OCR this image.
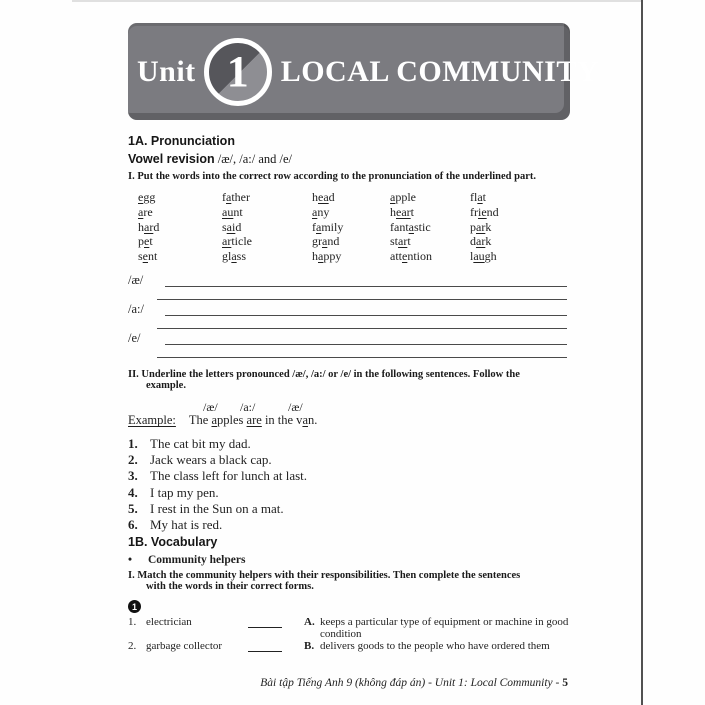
Unit 1 LOCAL COMMUNITY
1A. Pronunciation
Vowel revision /æ/, /a:/ and /e/
I. Put the words into the correct row according to the pronunciation of the underlined part.
egg	father	head	apple	flat
are	aunt	any	heart	friend
hard	said	family	fantastic	park
pet	article	grand	start	dark
sent	glass	happy	attention	laugh
/æ/
/a:/
/e/
II. Underline the letters pronounced /æ/, /a:/ or /e/ in the following sentences. Follow the
example.
/æ/ /a:/	/æ/
Example: The apples are in the van.
1. The cat bit my dad.
2. Jack wears a black cap.
3. The class left for lunch at last.
4. I tap my pen.
5. I rest in the Sun on a mat.
6. My hat is red.
1B. Vocabulary
• Community helpers
I. Match the community helpers with their responsibilities. Then complete the sentences
with the words in their correct forms.
1
1. electrician	A. keeps a particular type of equipment or machine in good condition
2. garbage collector	B. delivers goods to the people who have ordered them
Bài tập Tiếng Anh 9 (không đáp án) - Unit 1: Local Community - 5
